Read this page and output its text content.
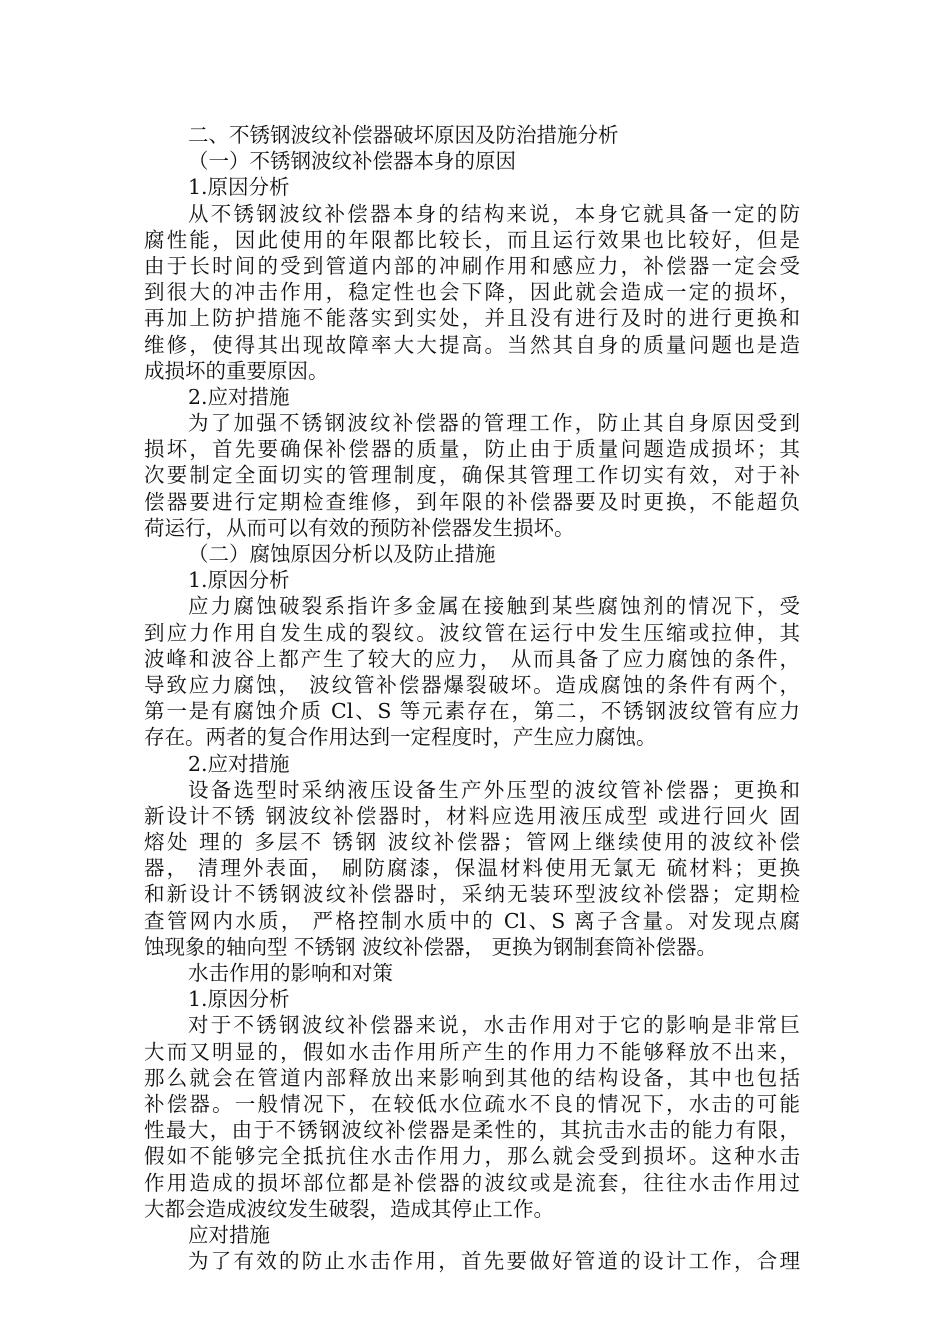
二、不锈钢波纹补偿器破坏原因及防治措施分析
（一）不锈钢波纹补偿器本身的原因
1.原因分析
从不锈钢波纹补偿器本身的结构来说，本身它就具备一定的防
腐性能，因此使用的年限都比较长，而且运行效果也比较好，但是
由于长时间的受到管道内部的冲刷作用和感应力，补偿器一定会受
到很大的冲击作用，稳定性也会下降，因此就会造成一定的损坏，
再加上防护措施不能落实到实处，并且没有进行及时的进行更换和
维修，使得其出现故障率大大提高。当然其自身的质量问题也是造
成损坏的重要原因。
2.应对措施
为了加强不锈钢波纹补偿器的管理工作，防止其自身原因受到
损坏，首先要确保补偿器的质量，防止由于质量问题造成损坏；其
次要制定全面切实的管理制度，确保其管理工作切实有效，对于补
偿器要进行定期检查维修，到年限的补偿器要及时更换，不能超负
荷运行，从而可以有效的预防补偿器发生损坏。
（二）腐蚀原因分析以及防止措施
1.原因分析
应力腐蚀破裂系指许多金属在接触到某些腐蚀剂的情况下，受
到应力作用自发生成的裂纹。波纹管在运行中发生压缩或拉伸，其
波峰和波谷上都产生了较大的应力， 从而具备了应力腐蚀的条件，
导致应力腐蚀， 波纹管补偿器爆裂破坏。造成腐蚀的条件有两个，
第一是有腐蚀介质 Cl、S 等元素存在，第二，不锈钢波纹管有应力
存在。两者的复合作用达到一定程度时，产生应力腐蚀。
2.应对措施
设备选型时采纳液压设备生产外压型的波纹管补偿器；更换和
新设计不锈 钢波纹补偿器时，材料应选用液压成型 或进行回火 固
熔处 理的 多层不 锈钢 波纹补偿器；管网上继续使用的波纹补偿
器， 清理外表面， 刷防腐漆，保温材料使用无氯无 硫材料；更换
和新设计不锈钢波纹补偿器时，采纳无装环型波纹补偿器；定期检
查管网内水质， 严格控制水质中的 Cl、S 离子含量。对发现点腐
蚀现象的轴向型 不锈钢 波纹补偿器， 更换为钢制套筒补偿器。
水击作用的影响和对策
1.原因分析
对于不锈钢波纹补偿器来说，水击作用对于它的影响是非常巨
大而又明显的，假如水击作用所产生的作用力不能够释放不出来，
那么就会在管道内部释放出来影响到其他的结构设备，其中也包括
补偿器。一般情况下，在较低水位疏水不良的情况下，水击的可能
性最大，由于不锈钢波纹补偿器是柔性的，其抗击水击的能力有限，
假如不能够完全抵抗住水击作用力，那么就会受到损坏。这种水击
作用造成的损坏部位都是补偿器的波纹或是流套，往往水击作用过
大都会造成波纹发生破裂，造成其停止工作。
应对措施
为了有效的防止水击作用，首先要做好管道的设计工作，合理
